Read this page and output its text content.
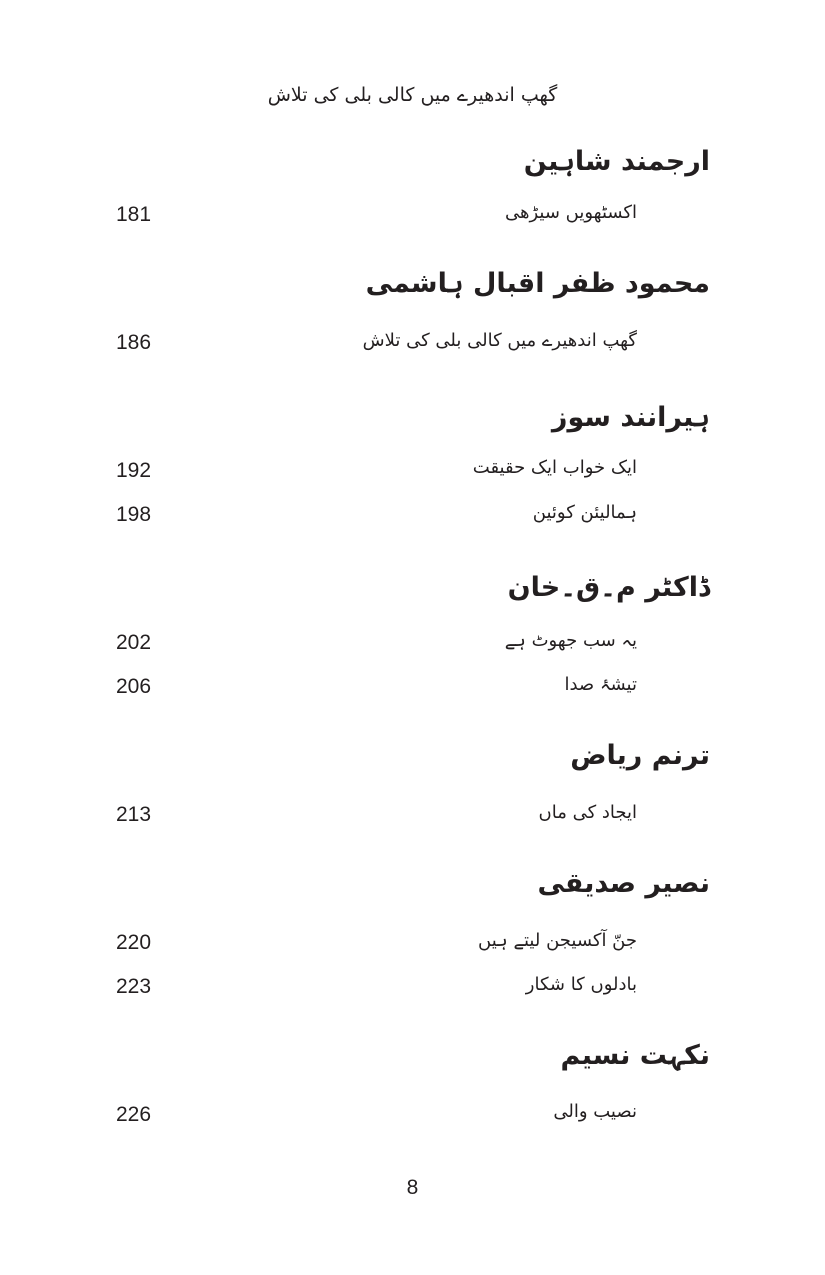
گھپ اندھیرے میں کالی بلی کی تلاش
ارجمند شاہین
اکسٹھویں سیڑھی
181
محمود ظفر اقبال ہاشمی
گھپ اندھیرے میں کالی بلی کی تلاش
186
ہیرانند سوز
ایک خواب ایک حقیقت
192
ہمالیئن کوئین
198
ڈاکٹر م۔ق۔خان
یہ سب جھوٹ ہے
202
تیشۂ صدا
206
ترنم ریاض
ایجاد کی ماں
213
نصیر صدیقی
جنّ آکسیجن لیتے ہیں
220
بادلوں کا شکار
223
نکہت نسیم
نصیب والی
226
8
